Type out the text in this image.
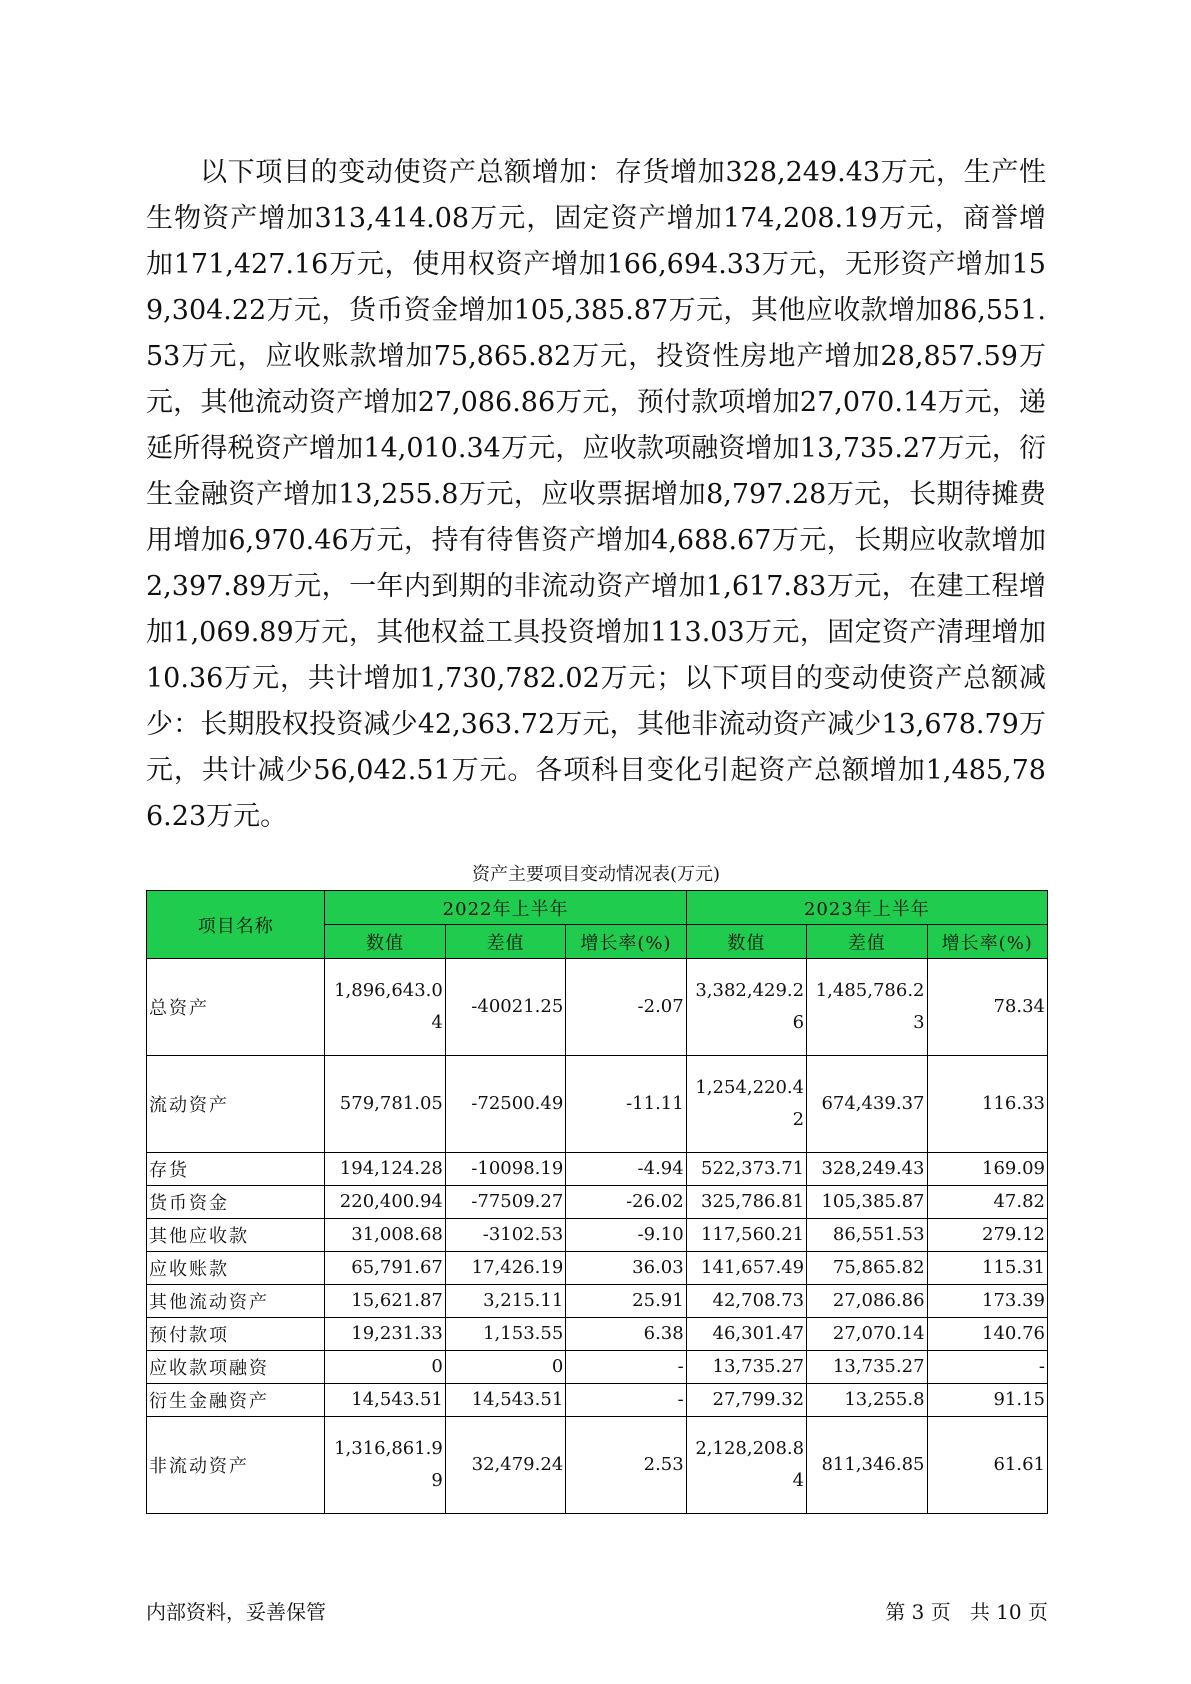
以下项目的变动使资产总额增加：存货增加328,249.43万元，生产性生物资产增加313,414.08万元，固定资产增加174,208.19万元，商誉增加171,427.16万元，使用权资产增加166,694.33万元，无形资产增加159,304.22万元，货币资金增加105,385.87万元，其他应收款增加86,551.53万元，应收账款增加75,865.82万元，投资性房地产增加28,857.59万元，其他流动资产增加27,086.86万元，预付款项增加27,070.14万元，递延所得税资产增加14,010.34万元，应收款项融资增加13,735.27万元，衍生金融资产增加13,255.8万元，应收票据增加8,797.28万元，长期待摊费用增加6,970.46万元，持有待售资产增加4,688.67万元，长期应收款增加2,397.89万元，一年内到期的非流动资产增加1,617.83万元，在建工程增加1,069.89万元，其他权益工具投资增加113.03万元，固定资产清理增加10.36万元，共计增加1,730,782.02万元；以下项目的变动使资产总额减少：长期股权投资减少42,363.72万元，其他非流动资产减少13,678.79万元，共计减少56,042.51万元。各项科目变化引起资产总额增加1,485,786.23万元。

资产主要项目变动情况表(万元)
项目名称	2022年上半年			2023年上半年		
	数值	差值	增长率(%)	数值	差值	增长率(%)
总资产	1,896,643.04	-40021.25	-2.07	3,382,429.26	1,485,786.23	78.34
流动资产	579,781.05	-72500.49	-11.11	1,254,220.42	674,439.37	116.33
存货	194,124.28	-10098.19	-4.94	522,373.71	328,249.43	169.09
货币资金	220,400.94	-77509.27	-26.02	325,786.81	105,385.87	47.82
其他应收款	31,008.68	-3102.53	-9.10	117,560.21	86,551.53	279.12
应收账款	65,791.67	17,426.19	36.03	141,657.49	75,865.82	115.31
其他流动资产	15,621.87	3,215.11	25.91	42,708.73	27,086.86	173.39
预付款项	19,231.33	1,153.55	6.38	46,301.47	27,070.14	140.76
应收款项融资	0	0	-	13,735.27	13,735.27	-
衍生金融资产	14,543.51	14,543.51	-	27,799.32	13,255.8	91.15
非流动资产	1,316,861.99	32,479.24	2.53	2,128,208.84	811,346.85	61.61
内部资料，妥善保管	第 3 页   共 10 页
